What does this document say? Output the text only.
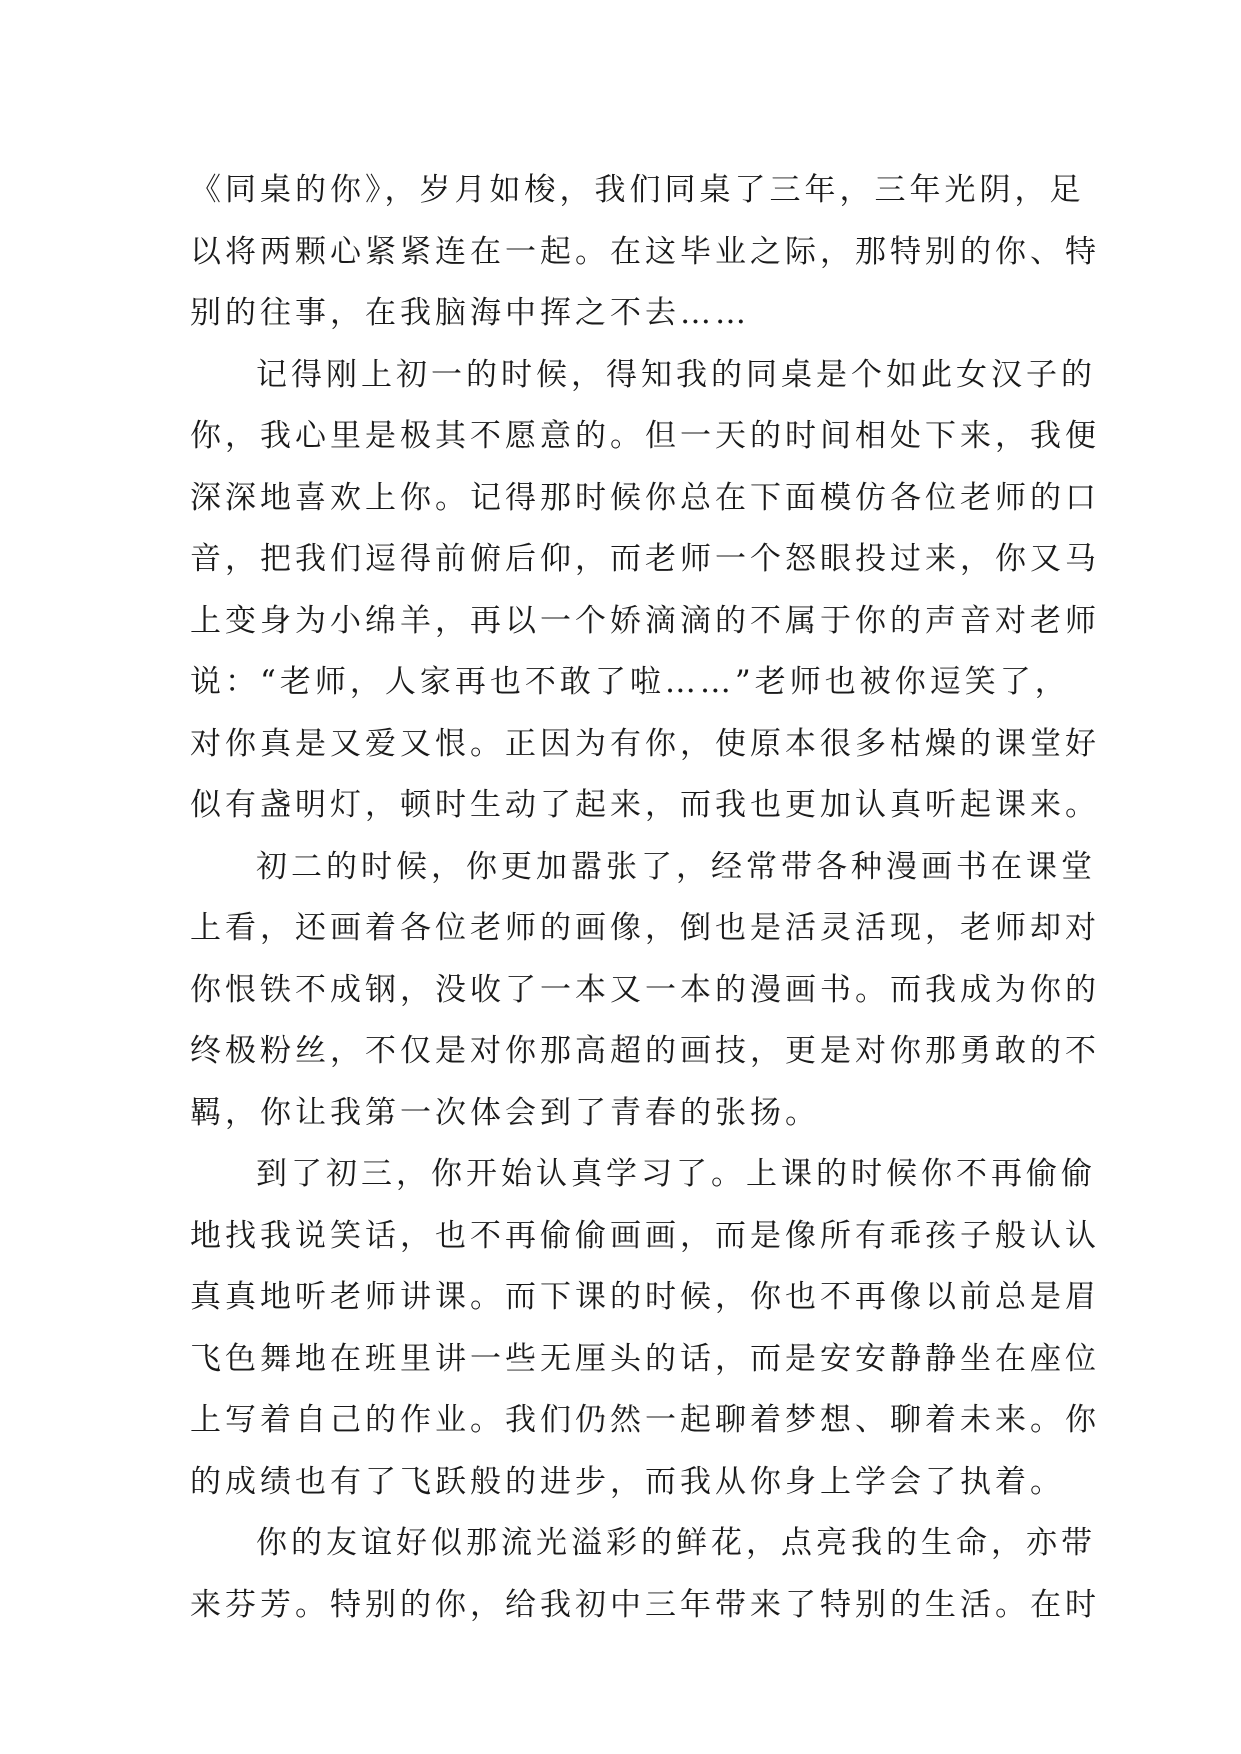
《同桌的你》，岁月如梭，我们同桌了三年，三年光阴，足
以将两颗心紧紧连在一起。在这毕业之际，那特别的你、特
别的往事，在我脑海中挥之不去……
记得刚上初一的时候，得知我的同桌是个如此女汉子的
你，我心里是极其不愿意的。但一天的时间相处下来，我便
深深地喜欢上你。记得那时候你总在下面模仿各位老师的口
音，把我们逗得前俯后仰，而老师一个怒眼投过来，你又马
上变身为小绵羊，再以一个娇滴滴的不属于你的声音对老师
说：“老师，人家再也不敢了啦……”老师也被你逗笑了，
对你真是又爱又恨。正因为有你，使原本很多枯燥的课堂好
似有盏明灯，顿时生动了起来，而我也更加认真听起课来。
初二的时候，你更加嚣张了，经常带各种漫画书在课堂
上看，还画着各位老师的画像，倒也是活灵活现，老师却对
你恨铁不成钢，没收了一本又一本的漫画书。而我成为你的
终极粉丝，不仅是对你那高超的画技，更是对你那勇敢的不
羁，你让我第一次体会到了青春的张扬。
到了初三，你开始认真学习了。上课的时候你不再偷偷
地找我说笑话，也不再偷偷画画，而是像所有乖孩子般认认
真真地听老师讲课。而下课的时候，你也不再像以前总是眉
飞色舞地在班里讲一些无厘头的话，而是安安静静坐在座位
上写着自己的作业。我们仍然一起聊着梦想、聊着未来。你
的成绩也有了飞跃般的进步，而我从你身上学会了执着。
你的友谊好似那流光溢彩的鲜花，点亮我的生命，亦带
来芬芳。特别的你，给我初中三年带来了特别的生活。在时
